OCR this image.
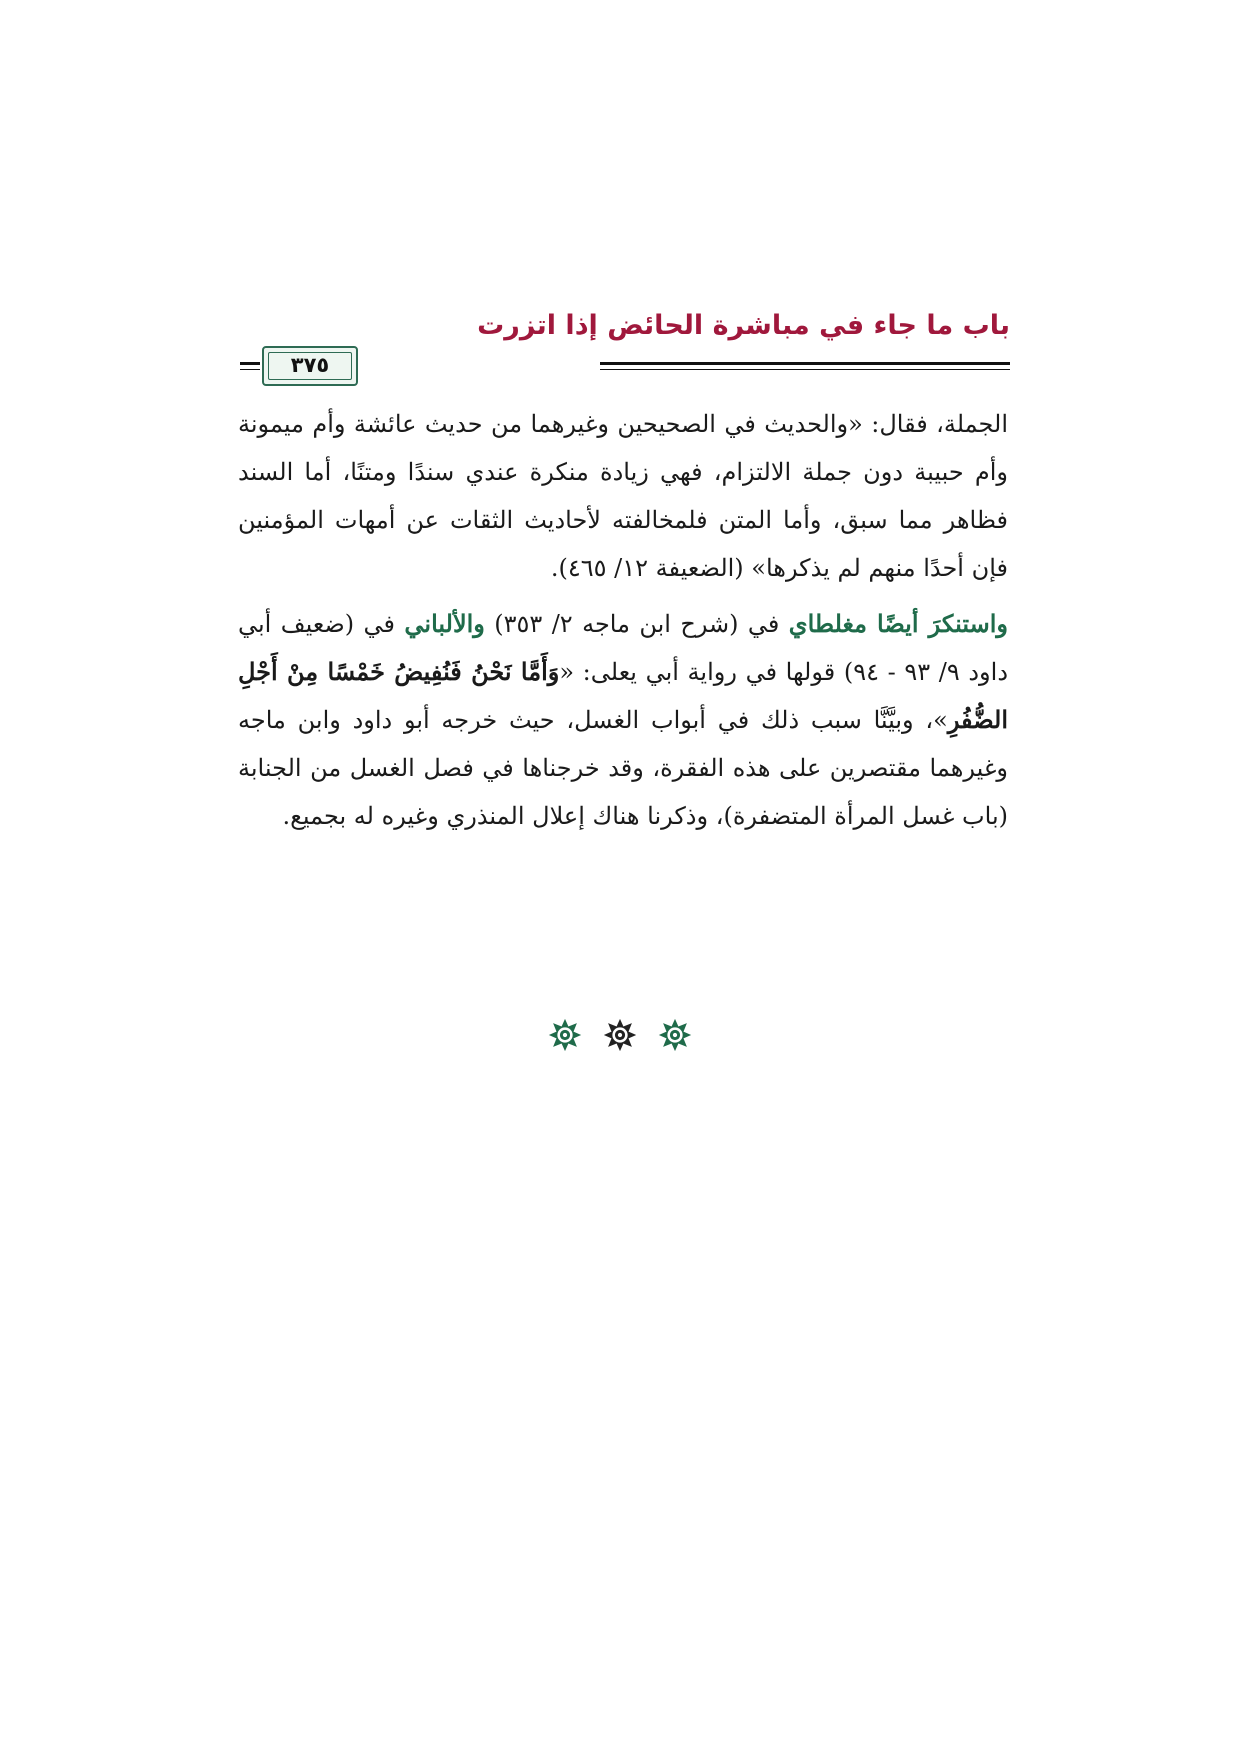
باب ما جاء في مباشرة الحائض إذا اتزرت
٣٧٥

الجملة، فقال: «والحديث في الصحيحين وغيرهما من حديث عائشة وأم ميمونة وأم حبيبة دون جملة الالتزام، فهي زيادة منكرة عندي سندًا ومتنًا، أما السند فظاهر مما سبق، وأما المتن فلمخالفته لأحاديث الثقات عن أمهات المؤمنين فإن أحدًا منهم لم يذكرها» (الضعيفة ١٢/ ٤٦٥).

واستنكرَ أيضًا مغلطاي في (شرح ابن ماجه ٢/ ٣٥٣) والألباني في (ضعيف أبي داود ٩/ ٩٣ - ٩٤) قولها في رواية أبي يعلى: «وَأَمَّا نَحْنُ فَنُفِيضُ خَمْسًا مِنْ أَجْلِ الضُّفُرِ»، وبيَّنَّا سبب ذلك في أبواب الغسل، حيث خرجه أبو داود وابن ماجه وغيرهما مقتصرين على هذه الفقرة، وقد خرجناها في فصل الغسل من الجنابة (باب غسل المرأة المتضفرة)، وذكرنا هناك إعلال المنذري وغيره له بجميع.
